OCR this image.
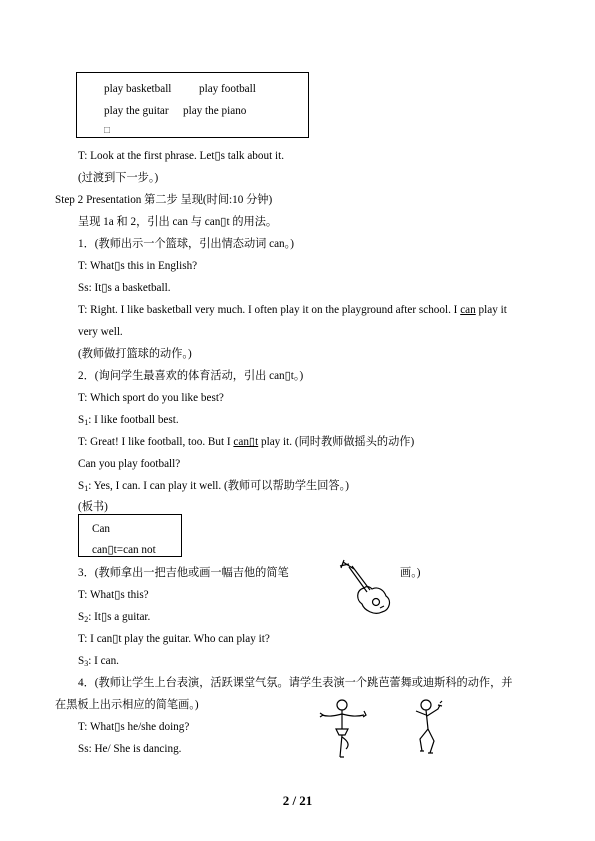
play basketball play football
play the guitar play the piano
□
T: Look at the first phrase. Let▯s talk about it.
(过渡到下一步。)
Step 2 Presentation 第二步 呈现(时间:10 分钟)
呈现 1a 和 2，引出 can 与 can▯t 的用法。
1．(教师出示一个篮球，引出情态动词 can。)
T: What▯s this in English?
Ss: It▯s a basketball.
T: Right. I like basketball very much. I often play it on the playground after school. I can play it
very well.
(教师做打篮球的动作。)
2．(询问学生最喜欢的体育活动，引出 can▯t。)
T: Which sport do you like best?
$S_1$: I like football best.
T: Great! I like football, too. But I can▯t play it. (同时教师做摇头的动作)
Can you play football?
$S_1$: Yes, I can. I can play it well. (教师可以帮助学生回答。)
(板书)
Can
can▯t=can not
3．(教师拿出一把吉他或画一幅吉他的简笔	画。)
T: What▯s this?
$S_2$: It▯s a guitar.
T: I can▯t play the guitar. Who can play it?
$S_3$: I can.
4．(教师让学生上台表演，活跃课堂气氛。请学生表演一个跳芭蕾舞或迪斯科的动作，并
在黑板上出示相应的简笔画。)
T: What▯s he/she doing?
Ss: He/ She is dancing.
2 / 21
